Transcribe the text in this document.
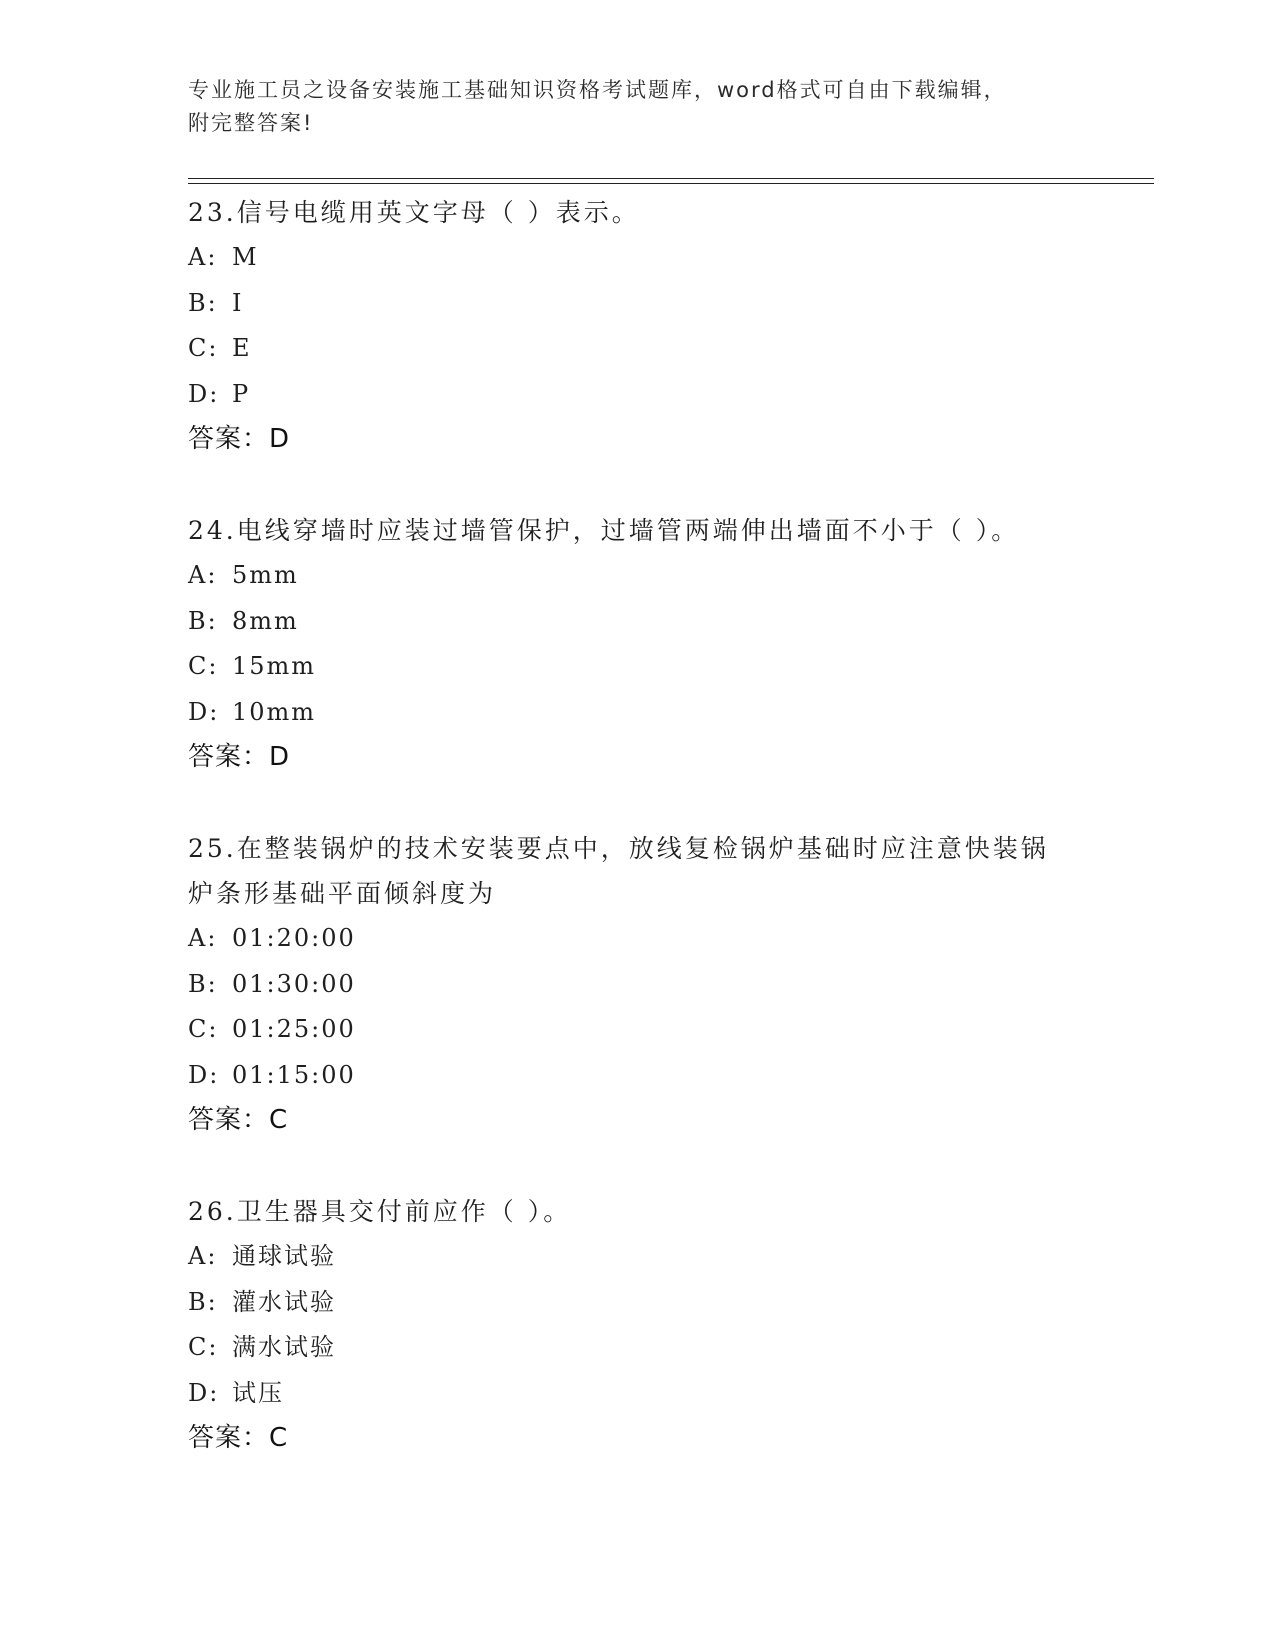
专业施工员之设备安装施工基础知识资格考试题库，word格式可自由下载编辑，
附完整答案!

23.信号电缆用英文字母（ ）表示。

A: M

B: I

C: E

D: P

答案：D

24.电线穿墙时应装过墙管保护，过墙管两端伸出墙面不小于（ ）。

A: 5mm

B: 8mm

C: 15mm

D: 10mm

答案：D

25.在整装锅炉的技术安装要点中，放线复检锅炉基础时应注意快装锅
炉条形基础平面倾斜度为

A: 01:20:00

B: 01:30:00

C: 01:25:00

D: 01:15:00

答案：C

26.卫生器具交付前应作（ ）。

A: 通球试验

B: 灌水试验

C: 满水试验

D: 试压

答案：C
